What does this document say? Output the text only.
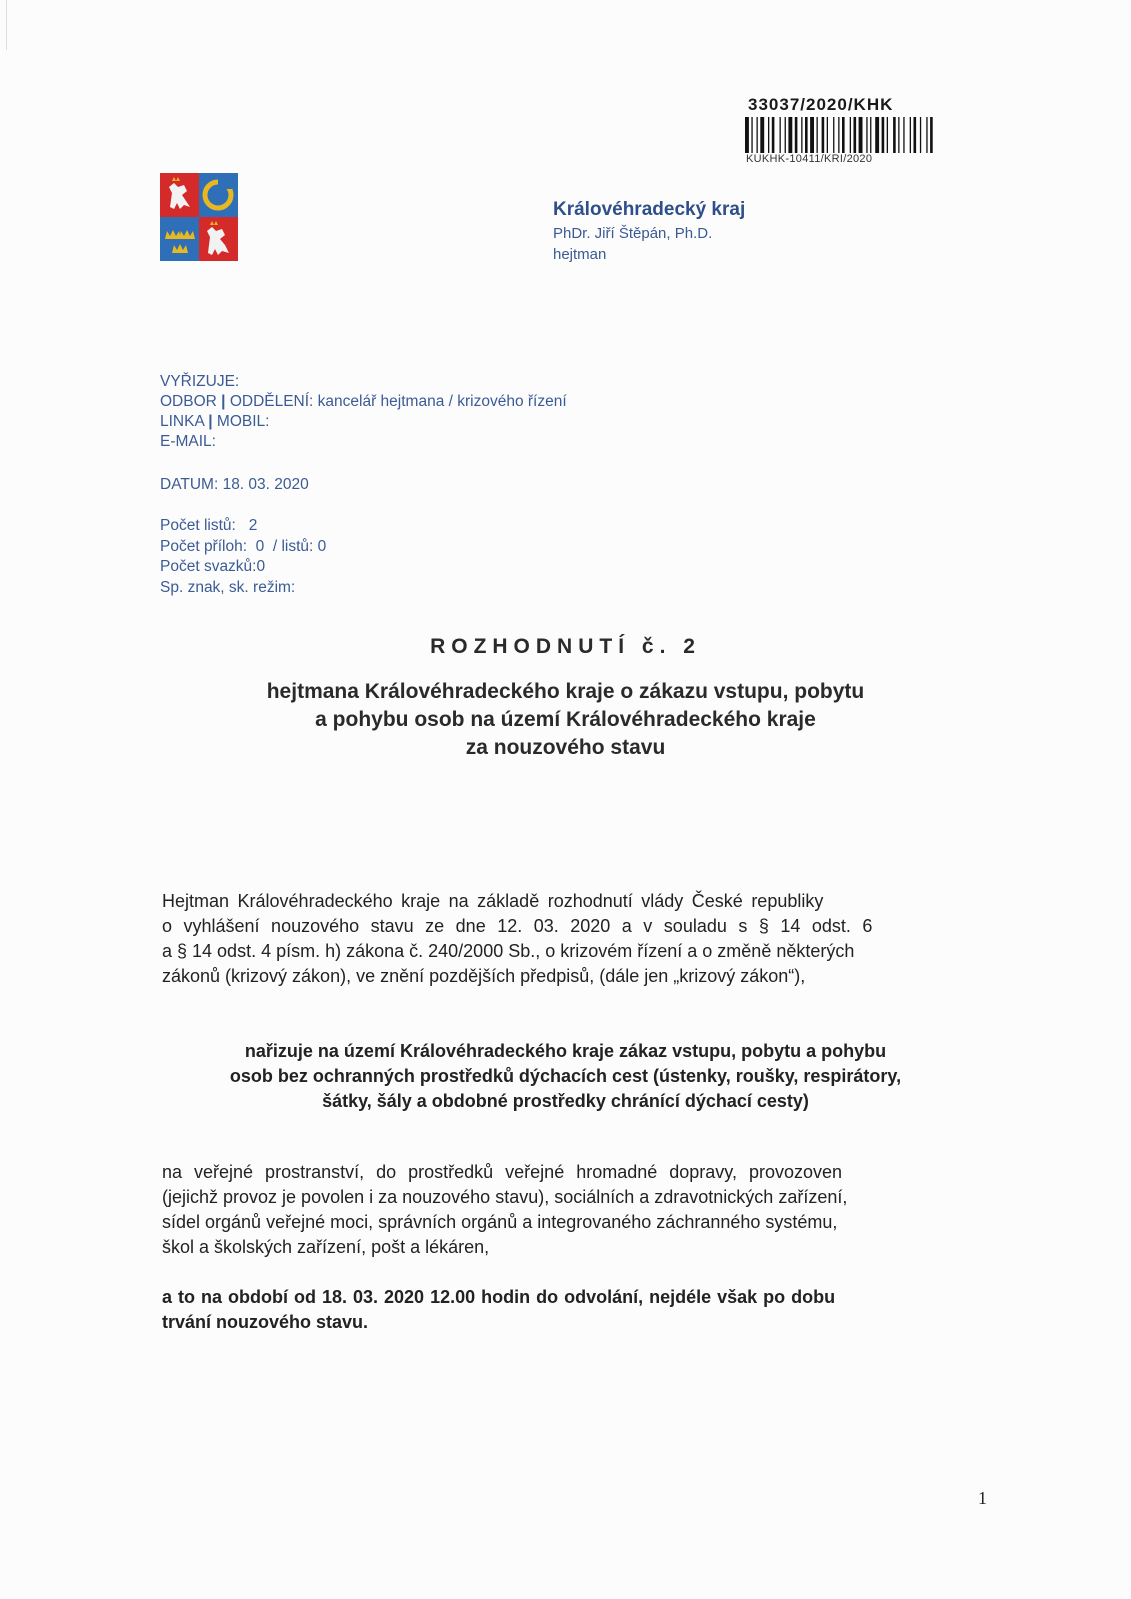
33037/2020/KHK
KUKHK-10411/KRI/2020
Královéhradecký kraj
PhDr. Jiří Štěpán, Ph.D.
hejtman
VYŘIZUJE:
ODBOR | ODDĚLENÍ: kancelář hejtmana / krizového řízení
LINKA | MOBIL:
E-MAIL:
DATUM: 18. 03. 2020
Počet listů:   2
Počet příloh:  0  / listů: 0
Počet svazků:0
Sp. znak, sk. režim:
ROZHODNUTÍ č. 2
hejtmana Královéhradeckého kraje o zákazu vstupu, pobytu
a pohybu osob na území Královéhradeckého kraje
za nouzového stavu
Hejtman Královéhradeckého kraje na základě rozhodnutí vlády České republiky
o vyhlášení nouzového stavu ze dne 12. 03. 2020 a v souladu s § 14 odst. 6
a § 14 odst. 4 písm. h) zákona č. 240/2000 Sb., o krizovém řízení a o změně některých
zákonů (krizový zákon), ve znění pozdějších předpisů, (dále jen „krizový zákon“),
nařizuje na území Královéhradeckého kraje zákaz vstupu, pobytu a pohybu
osob bez ochranných prostředků dýchacích cest (ústenky, roušky, respirátory,
šátky, šály a obdobné prostředky chránící dýchací cesty)
na veřejné prostranství, do prostředků veřejné hromadné dopravy, provozoven
(jejichž provoz je povolen i za nouzového stavu), sociálních a zdravotnických zařízení,
sídel orgánů veřejné moci, správních orgánů a integrovaného záchranného systému,
škol a školských zařízení, pošt a lékáren,
a to na období od 18. 03. 2020 12.00 hodin do odvolání, nejdéle však po dobu
trvání nouzového stavu.
1
